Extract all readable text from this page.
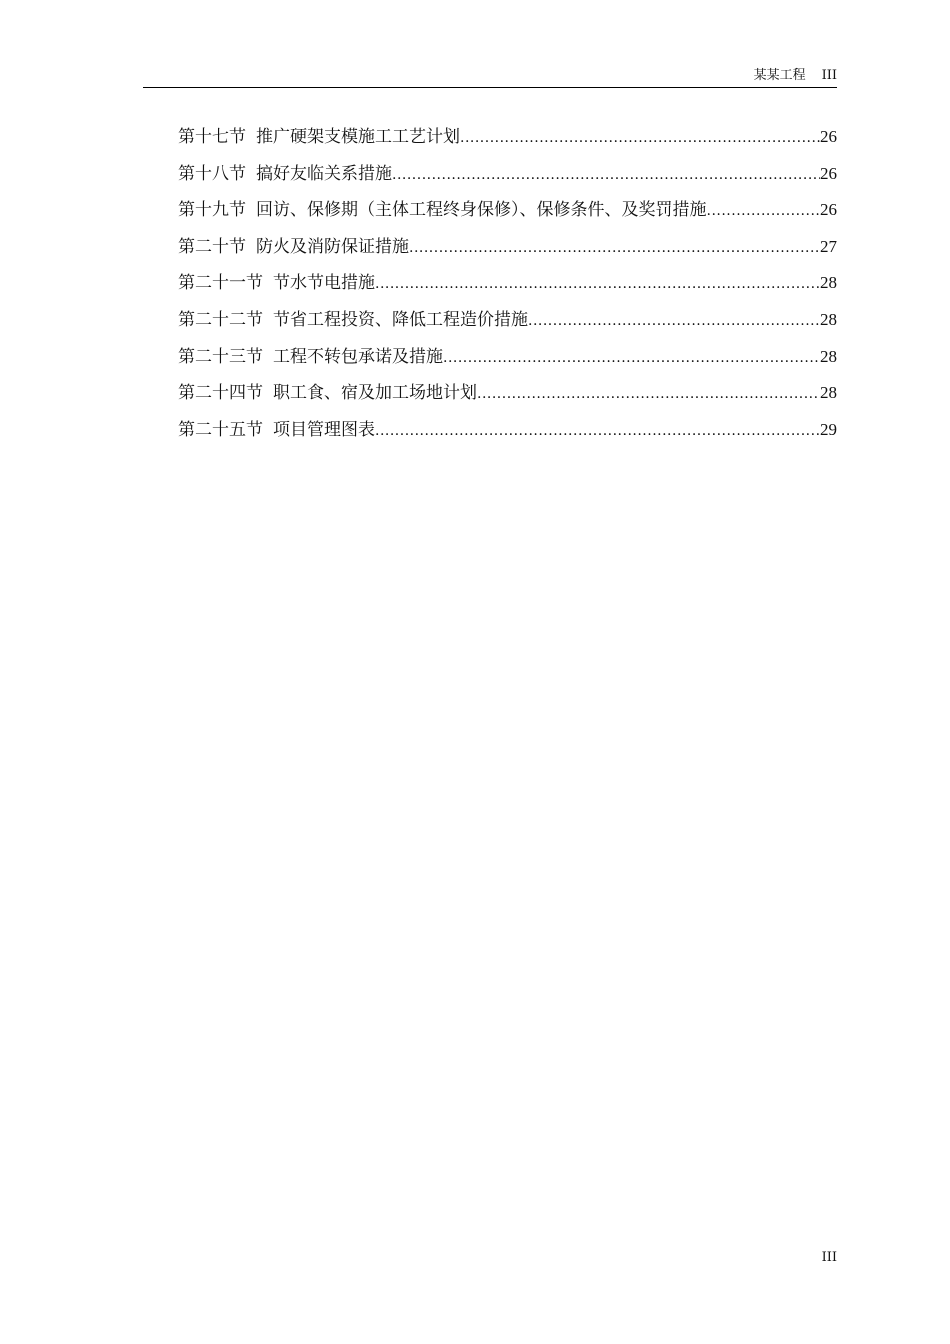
某某工程 III
第十七节 推广硬架支模施工工艺计划 .....	26
第十八节 搞好友临关系措施 .....	26
第十九节 回访、保修期（主体工程终身保修）、保修条件、及奖罚措施 .....	26
第二十节 防火及消防保证措施 .....	27
第二十一节 节水节电措施 .....	28
第二十二节 节省工程投资、降低工程造价措施 .....	28
第二十三节 工程不转包承诺及措施 .....	28
第二十四节 职工食、宿及加工场地计划 .....	28
第二十五节 项目管理图表 .....	29
III
